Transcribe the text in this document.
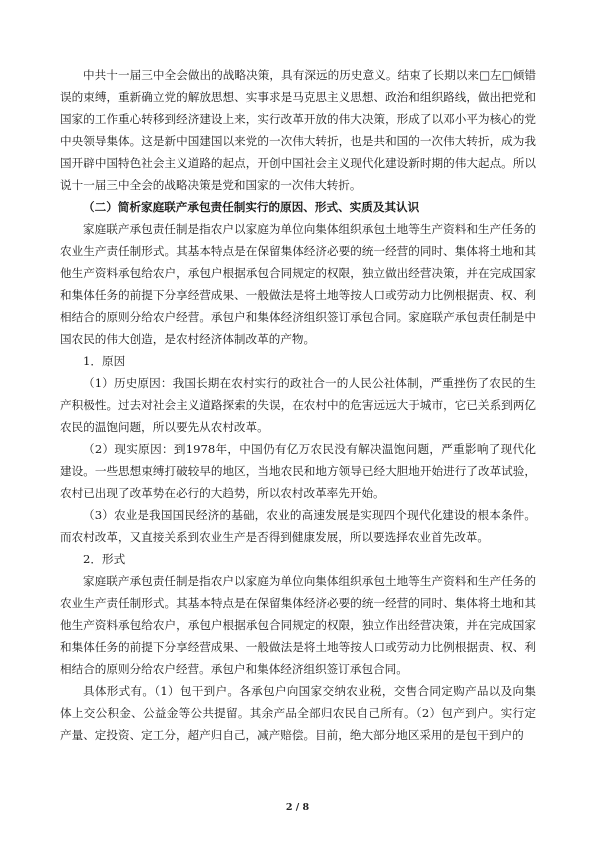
中共十一届三中全会做出的战略决策，具有深远的历史意义。结束了长期以来□左□倾错误的束缚，重新确立党的解放思想、实事求是马克思主义思想、政治和组织路线，做出把党和国家的工作重心转移到经济建设上来，实行改革开放的伟大决策，形成了以邓小平为核心的党中央领导集体。这是新中国建国以来党的一次伟大转折，也是共和国的一次伟大转折，成为我国开辟中国特色社会主义道路的起点，开创中国社会主义现代化建设新时期的伟大起点。所以说十一届三中全会的战略决策是党和国家的一次伟大转折。

（二）简析家庭联产承包责任制实行的原因、形式、实质及其认识

家庭联产承包责任制是指农户以家庭为单位向集体组织承包土地等生产资料和生产任务的农业生产责任制形式。其基本特点是在保留集体经济必要的统一经营的同时、集体将土地和其他生产资料承包给农户，承包户根据承包合同规定的权限，独立做出经营决策，并在完成国家和集体任务的前提下分享经营成果、一般做法是将土地等按人口或劳动力比例根据责、权、利相结合的原则分给农户经营。承包户和集体经济组织签订承包合同。家庭联产承包责任制是中国农民的伟大创造，是农村经济体制改革的产物。

1．原因

（1）历史原因：我国长期在农村实行的政社合一的人民公社体制，严重挫伤了农民的生产积极性。过去对社会主义道路探索的失误，在农村中的危害远远大于城市，它已关系到两亿农民的温饱问题，所以要先从农村改革。

（2）现实原因：到1978年，中国仍有亿万农民没有解决温饱问题，严重影响了现代化建设。一些思想束缚打破较早的地区，当地农民和地方领导已经大胆地开始进行了改革试验，农村已出现了改革势在必行的大趋势，所以农村改革率先开始。

（3）农业是我国国民经济的基础，农业的高速发展是实现四个现代化建设的根本条件。而农村改革，又直接关系到农业生产是否得到健康发展，所以要选择农业首先改革。

2．形式

家庭联产承包责任制是指农户以家庭为单位向集体组织承包土地等生产资料和生产任务的农业生产责任制形式。其基本特点是在保留集体经济必要的统一经营的同时、集体将土地和其他生产资料承包给农户，承包户根据承包合同规定的权限，独立作出经营决策，并在完成国家和集体任务的前提下分享经营成果、一般做法是将土地等按人口或劳动力比例根据责、权、利相结合的原则分给农户经营。承包户和集体经济组织签订承包合同。

具体形式有。（1）包干到户。各承包户向国家交纳农业税，交售合同定购产品以及向集体上交公积金、公益金等公共提留。其余产品全部归农民自己所有。（2）包产到户。实行定产量、定投资、定工分，超产归自己，减产赔偿。目前，绝大部分地区采用的是包干到户的

2 / 8
